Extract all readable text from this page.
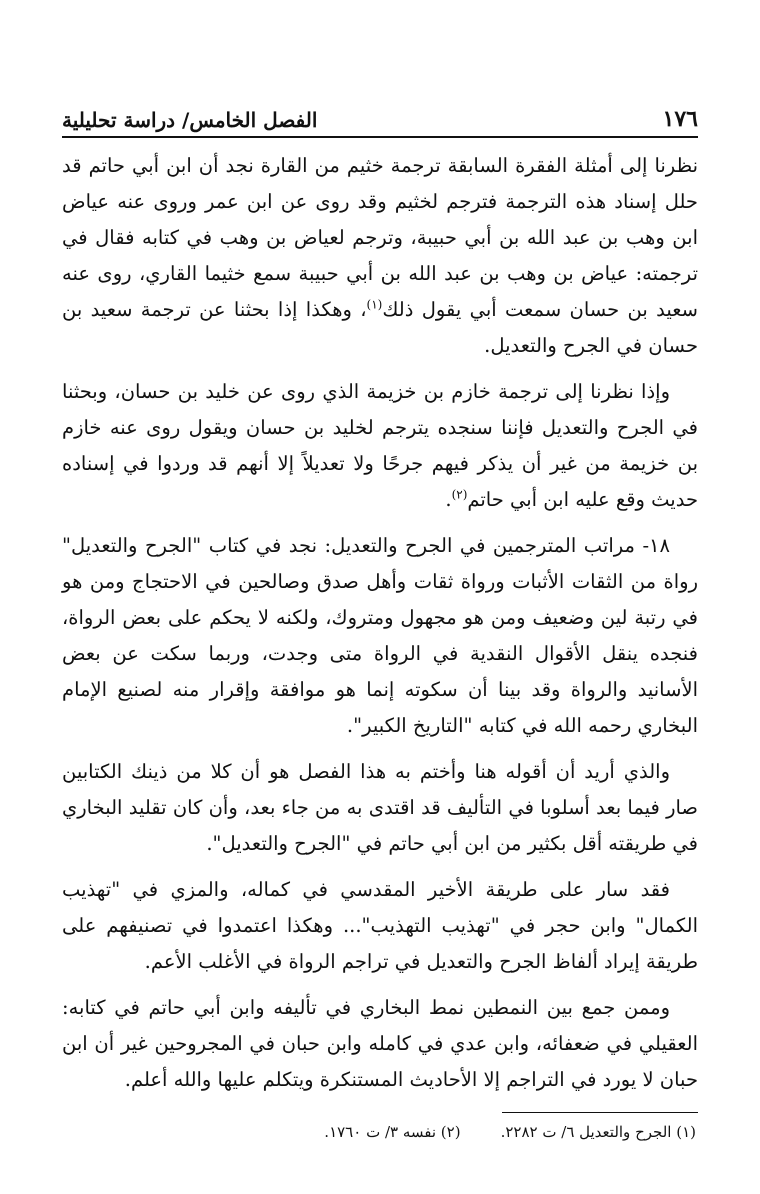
الفصل الخامس/ دراسة تحليلية	١٧٦

نظرنا إلى أمثلة الفقرة السابقة ترجمة خثيم من القارة نجد أن ابن أبي حاتم قد حلل إسناد هذه الترجمة فترجم لخثيم وقد روى عن ابن عمر وروى عنه عياض ابن وهب بن عبد الله بن أبي حبيبة، وترجم لعياض بن وهب في كتابه فقال في ترجمته: عياض بن وهب بن عبد الله بن أبي حبيبة سمع خثيما القاري، روى عنه سعيد بن حسان سمعت أبي يقول ذلك$^{(١)}$، وهكذا إذا بحثنا عن ترجمة سعيد بن حسان في الجرح والتعديل.

وإذا نظرنا إلى ترجمة خازم بن خزيمة الذي روى عن خليد بن حسان، وبحثنا في الجرح والتعديل فإننا سنجده يترجم لخليد بن حسان ويقول روى عنه خازم بن خزيمة من غير أن يذكر فيهم جرحًا ولا تعديلاً إلا أنهم قد وردوا في إسناده حديث وقع عليه ابن أبي حاتم$^{(٢)}$.

١٨- مراتب المترجمين في الجرح والتعديل: نجد في كتاب "الجرح والتعديل" رواة من الثقات الأثبات ورواة ثقات وأهل صدق وصالحين في الاحتجاج ومن هو في رتبة لين وضعيف ومن هو مجهول ومتروك، ولكنه لا يحكم على بعض الرواة، فنجده ينقل الأقوال النقدية في الرواة متى وجدت، وربما سكت عن بعض الأسانيد والرواة وقد بينا أن سكوته إنما هو موافقة وإقرار منه لصنيع الإمام البخاري رحمه الله في كتابه "التاريخ الكبير".

والذي أريد أن أقوله هنا وأختم به هذا الفصل هو أن كلا من ذينك الكتابين صار فيما بعد أسلوبا في التأليف قد اقتدى به من جاء بعد، وأن كان تقليد البخاري في طريقته أقل بكثير من ابن أبي حاتم في "الجرح والتعديل".

فقد سار على طريقة الأخير المقدسي في كماله، والمزي في "تهذيب الكمال" وابن حجر في "تهذيب التهذيب"... وهكذا اعتمدوا في تصنيفهم على طريقة إيراد ألفاظ الجرح والتعديل في تراجم الرواة في الأغلب الأعم.

وممن جمع بين النمطين نمط البخاري في تأليفه وابن أبي حاتم في كتابه: العقيلي في ضعفائه، وابن عدي في كامله وابن حبان في المجروحين غير أن ابن حبان لا يورد في التراجم إلا الأحاديث المستنكرة ويتكلم عليها والله أعلم.

(١) الجرح والتعديل ٦/ ت ٢٢٨٢.
(٢) نفسه ٣/ ت ١٧٦٠.
